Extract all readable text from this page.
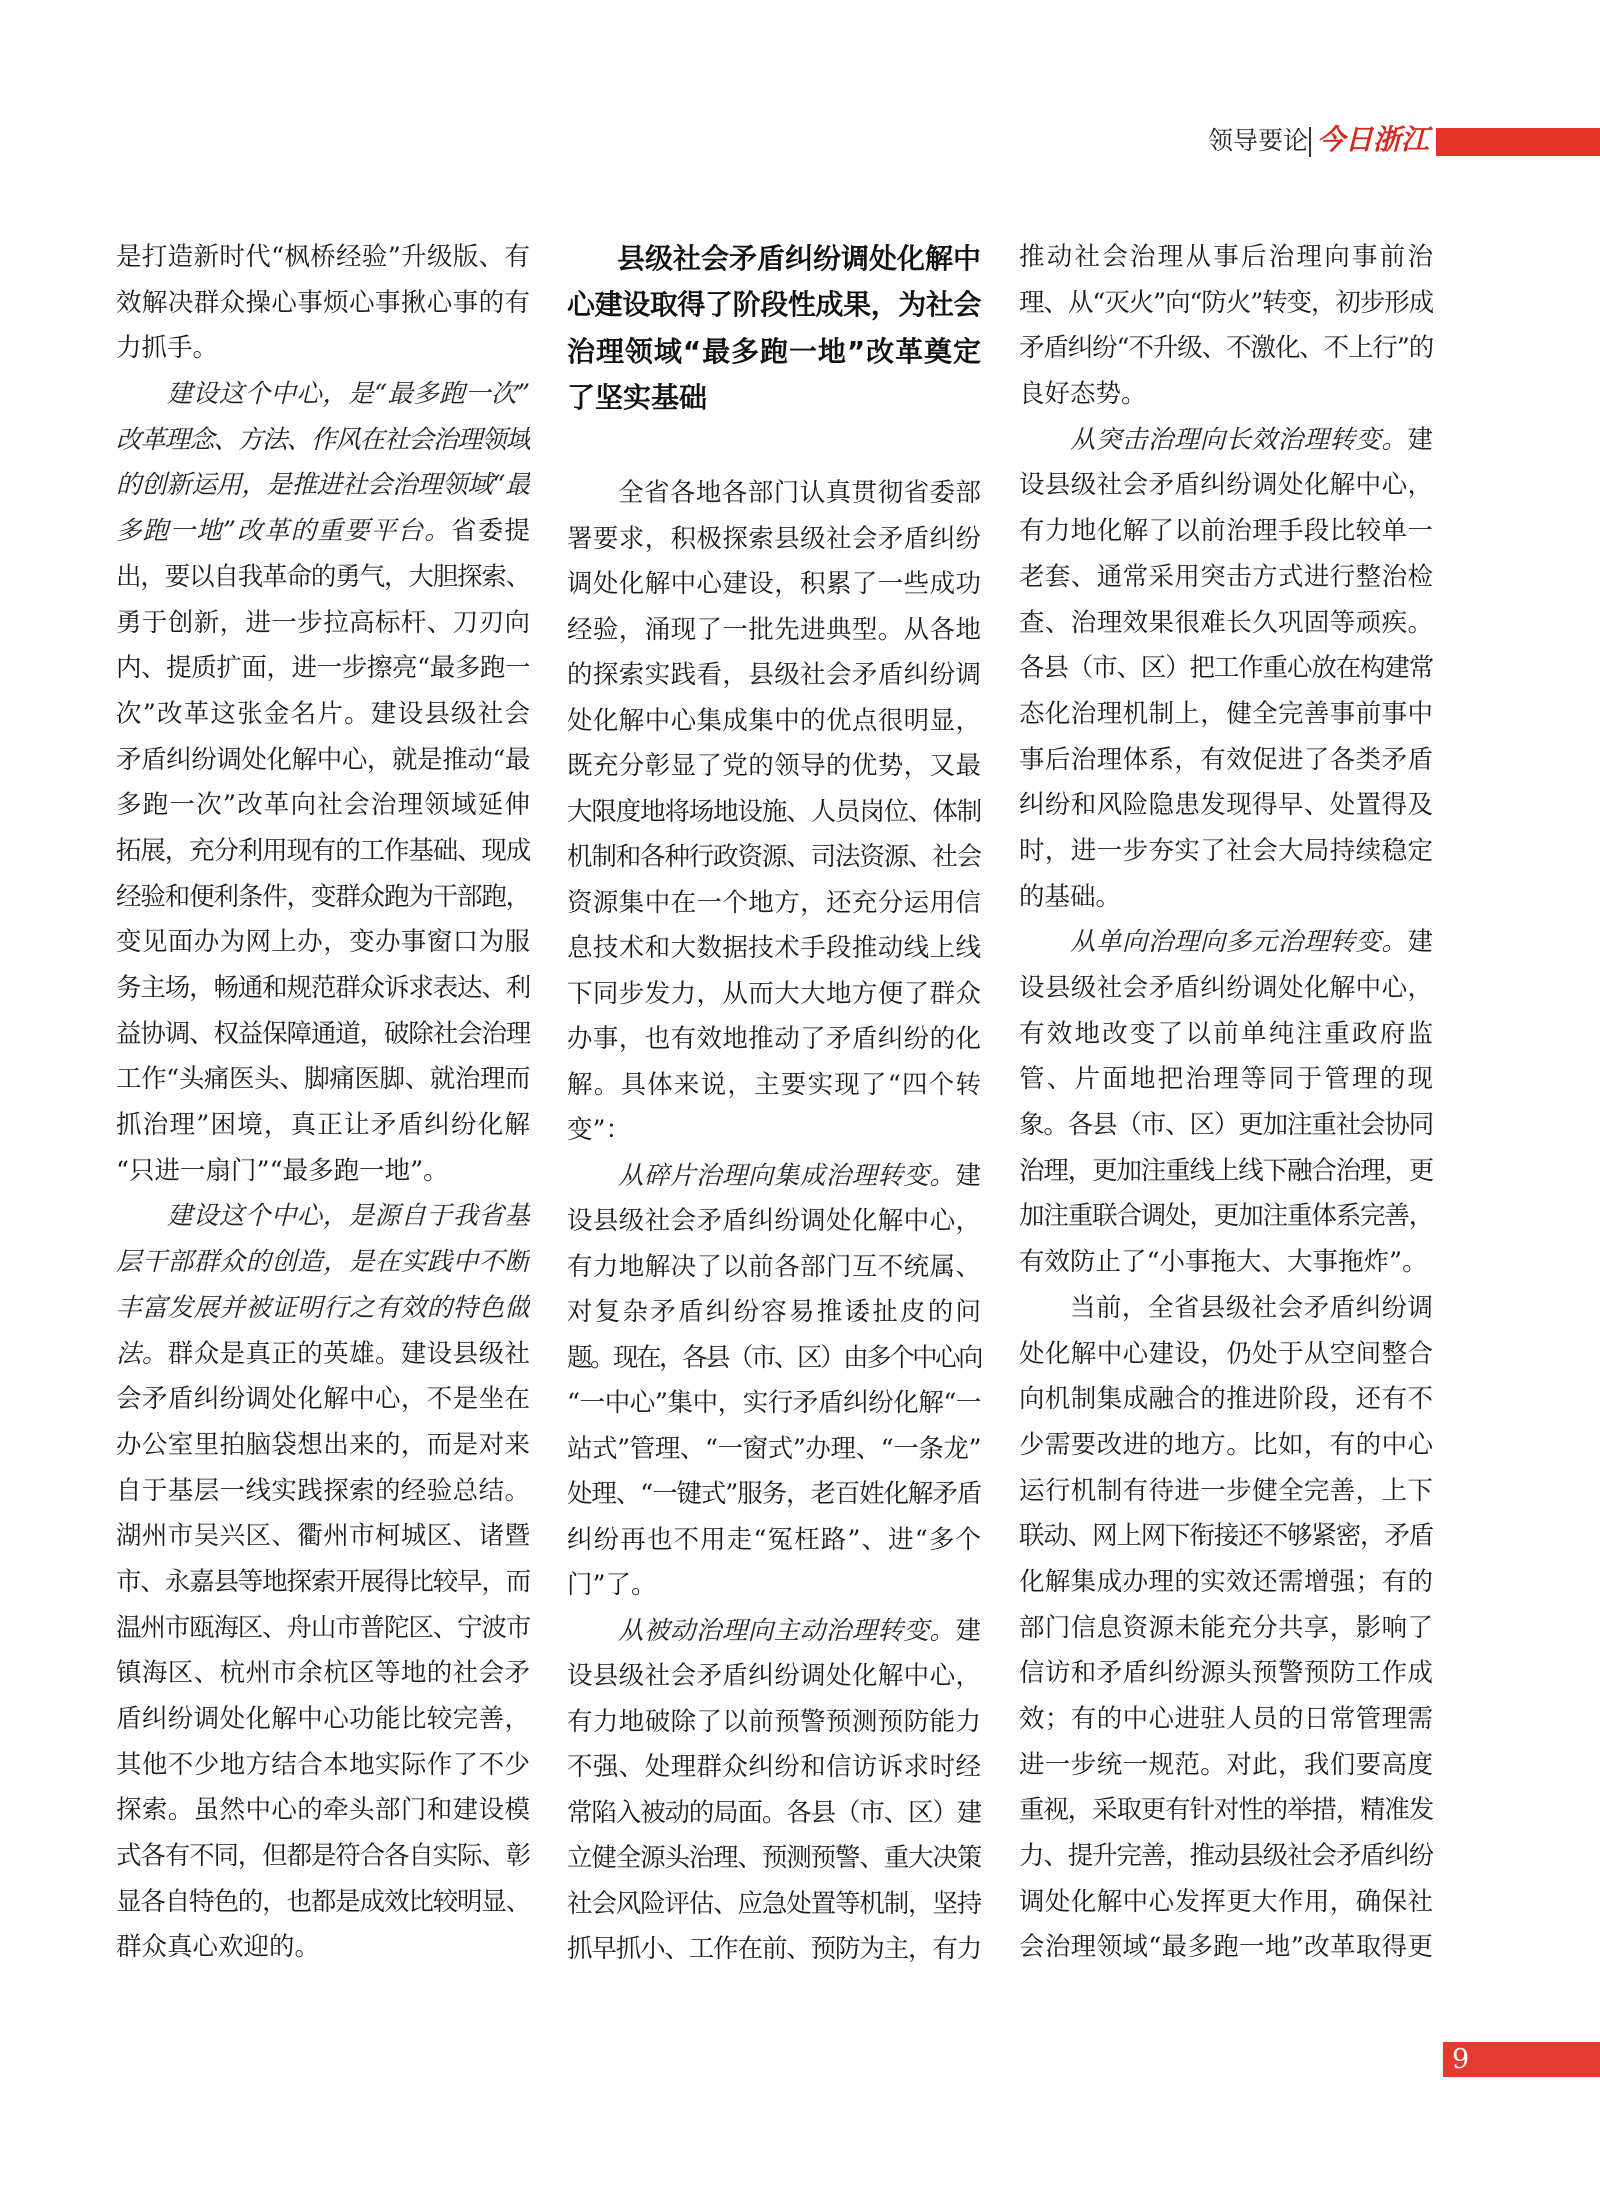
领导要论 今日浙江
是打造新时代“枫桥经验”升级版、有
效解决群众操心事烦心事揪心事的有
力抓手。
建设这个中心，是“最多跑一次”
改革理念、方法、作风在社会治理领域
的创新运用，是推进社会治理领域“最
多跑一地”改革的重要平台。省委提
出，要以自我革命的勇气，大胆探索、
勇于创新，进一步拉高标杆、刀刃向
内、提质扩面，进一步擦亮“最多跑一
次”改革这张金名片。建设县级社会
矛盾纠纷调处化解中心，就是推动“最
多跑一次”改革向社会治理领域延伸
拓展，充分利用现有的工作基础、现成
经验和便利条件，变群众跑为干部跑，
变见面办为网上办，变办事窗口为服
务主场，畅通和规范群众诉求表达、利
益协调、权益保障通道，破除社会治理
工作“头痛医头、脚痛医脚、就治理而
抓治理”困境，真正让矛盾纠纷化解
“只进一扇门”“最多跑一地”。
建设这个中心，是源自于我省基
层干部群众的创造，是在实践中不断
丰富发展并被证明行之有效的特色做
法。群众是真正的英雄。建设县级社
会矛盾纠纷调处化解中心，不是坐在
办公室里拍脑袋想出来的，而是对来
自于基层一线实践探索的经验总结。
湖州市吴兴区、衢州市柯城区、诸暨
市、永嘉县等地探索开展得比较早，而
温州市瓯海区、舟山市普陀区、宁波市
镇海区、杭州市余杭区等地的社会矛
盾纠纷调处化解中心功能比较完善，
其他不少地方结合本地实际作了不少
探索。虽然中心的牵头部门和建设模
式各有不同，但都是符合各自实际、彰
显各自特色的，也都是成效比较明显、
群众真心欢迎的。
县级社会矛盾纠纷调处化解中
心建设取得了阶段性成果，为社会
治理领域“最多跑一地”改革奠定
了坚实基础
全省各地各部门认真贯彻省委部
署要求，积极探索县级社会矛盾纠纷
调处化解中心建设，积累了一些成功
经验，涌现了一批先进典型。从各地
的探索实践看，县级社会矛盾纠纷调
处化解中心集成集中的优点很明显，
既充分彰显了党的领导的优势，又最
大限度地将场地设施、人员岗位、体制
机制和各种行政资源、司法资源、社会
资源集中在一个地方，还充分运用信
息技术和大数据技术手段推动线上线
下同步发力，从而大大地方便了群众
办事，也有效地推动了矛盾纠纷的化
解。具体来说，主要实现了“四个转
变”：
从碎片治理向集成治理转变。建
设县级社会矛盾纠纷调处化解中心，
有力地解决了以前各部门互不统属、
对复杂矛盾纠纷容易推诿扯皮的问
题。现在，各县（市、区）由多个中心向
“一中心”集中，实行矛盾纠纷化解“一
站式”管理、“一窗式”办理、“一条龙”
处理、“一键式”服务，老百姓化解矛盾
纠纷再也不用走“冤枉路”、进“多个
门”了。
从被动治理向主动治理转变。建
设县级社会矛盾纠纷调处化解中心，
有力地破除了以前预警预测预防能力
不强、处理群众纠纷和信访诉求时经
常陷入被动的局面。各县（市、区）建
立健全源头治理、预测预警、重大决策
社会风险评估、应急处置等机制，坚持
抓早抓小、工作在前、预防为主，有力
推动社会治理从事后治理向事前治
理、从“灭火”向“防火”转变，初步形成
矛盾纠纷“不升级、不激化、不上行”的
良好态势。
从突击治理向长效治理转变。建
设县级社会矛盾纠纷调处化解中心，
有力地化解了以前治理手段比较单一
老套、通常采用突击方式进行整治检
查、治理效果很难长久巩固等顽疾。
各县（市、区）把工作重心放在构建常
态化治理机制上，健全完善事前事中
事后治理体系，有效促进了各类矛盾
纠纷和风险隐患发现得早、处置得及
时，进一步夯实了社会大局持续稳定
的基础。
从单向治理向多元治理转变。建
设县级社会矛盾纠纷调处化解中心，
有效地改变了以前单纯注重政府监
管、片面地把治理等同于管理的现
象。各县（市、区）更加注重社会协同
治理，更加注重线上线下融合治理，更
加注重联合调处，更加注重体系完善，
有效防止了“小事拖大、大事拖炸”。
当前，全省县级社会矛盾纠纷调
处化解中心建设，仍处于从空间整合
向机制集成融合的推进阶段，还有不
少需要改进的地方。比如，有的中心
运行机制有待进一步健全完善，上下
联动、网上网下衔接还不够紧密，矛盾
化解集成办理的实效还需增强；有的
部门信息资源未能充分共享，影响了
信访和矛盾纠纷源头预警预防工作成
效；有的中心进驻人员的日常管理需
进一步统一规范。对此，我们要高度
重视，采取更有针对性的举措，精准发
力、提升完善，推动县级社会矛盾纠纷
调处化解中心发挥更大作用，确保社
会治理领域“最多跑一地”改革取得更
9
